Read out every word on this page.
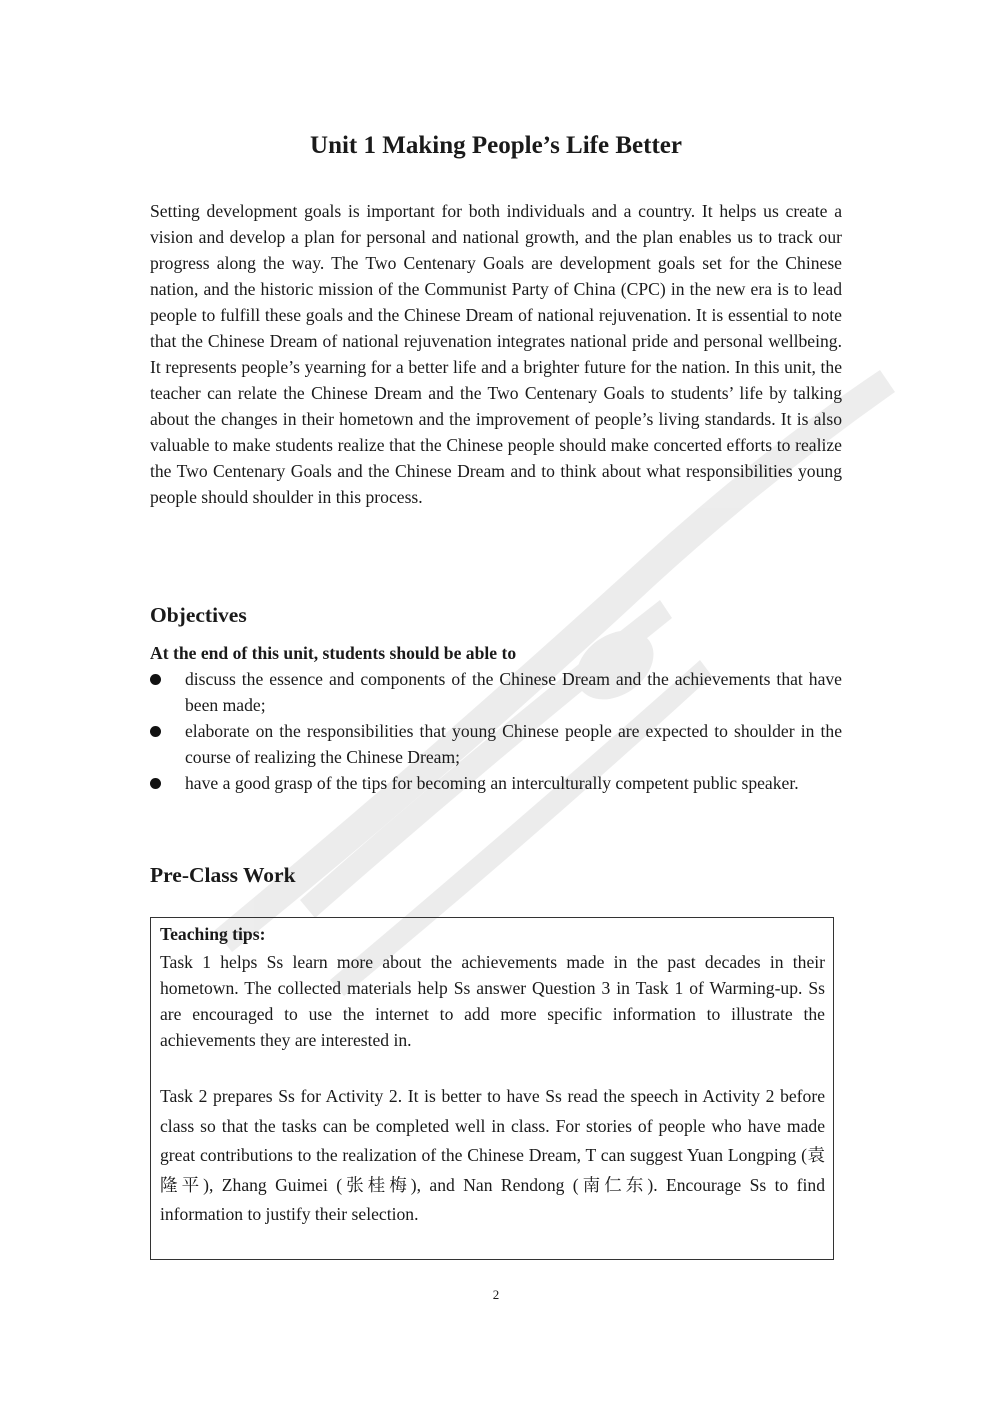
Unit 1 Making People’s Life Better

Setting development goals is important for both individuals and a country. It helps us create a vision and develop a plan for personal and national growth, and the plan enables us to track our progress along the way. The Two Centenary Goals are development goals set for the Chinese nation, and the historic mission of the Communist Party of China (CPC) in the new era is to lead people to fulfill these goals and the Chinese Dream of national rejuvenation. It is essential to note that the Chinese Dream of national rejuvenation integrates national pride and personal wellbeing. It represents people’s yearning for a better life and a brighter future for the nation. In this unit, the teacher can relate the Chinese Dream and the Two Centenary Goals to students’ life by talking about the changes in their hometown and the improvement of people’s living standards. It is also valuable to make students realize that the Chinese people should make concerted efforts to realize the Two Centenary Goals and the Chinese Dream and to think about what responsibilities young people should shoulder in this process.

Objectives
At the end of this unit, students should be able to
discuss the essence and components of the Chinese Dream and the achievements that have been made;
elaborate on the responsibilities that young Chinese people are expected to shoulder in the course of realizing the Chinese Dream;
have a good grasp of the tips for becoming an interculturally competent public speaker.
Pre-Class Work
Teaching tips:

Task 1 helps Ss learn more about the achievements made in the past decades in their hometown. The collected materials help Ss answer Question 3 in Task 1 of Warming-up. Ss are encouraged to use the internet to add more specific information to illustrate the achievements they are interested in.

Task 2 prepares Ss for Activity 2. It is better to have Ss read the speech in Activity 2 before class so that the tasks can be completed well in class. For stories of people who have made great contributions to the realization of the Chinese Dream, T can suggest Yuan Longping (袁隆平), Zhang Guimei (张桂梅), and Nan Rendong (南仁东). Encourage Ss to find information to justify their selection.

2
